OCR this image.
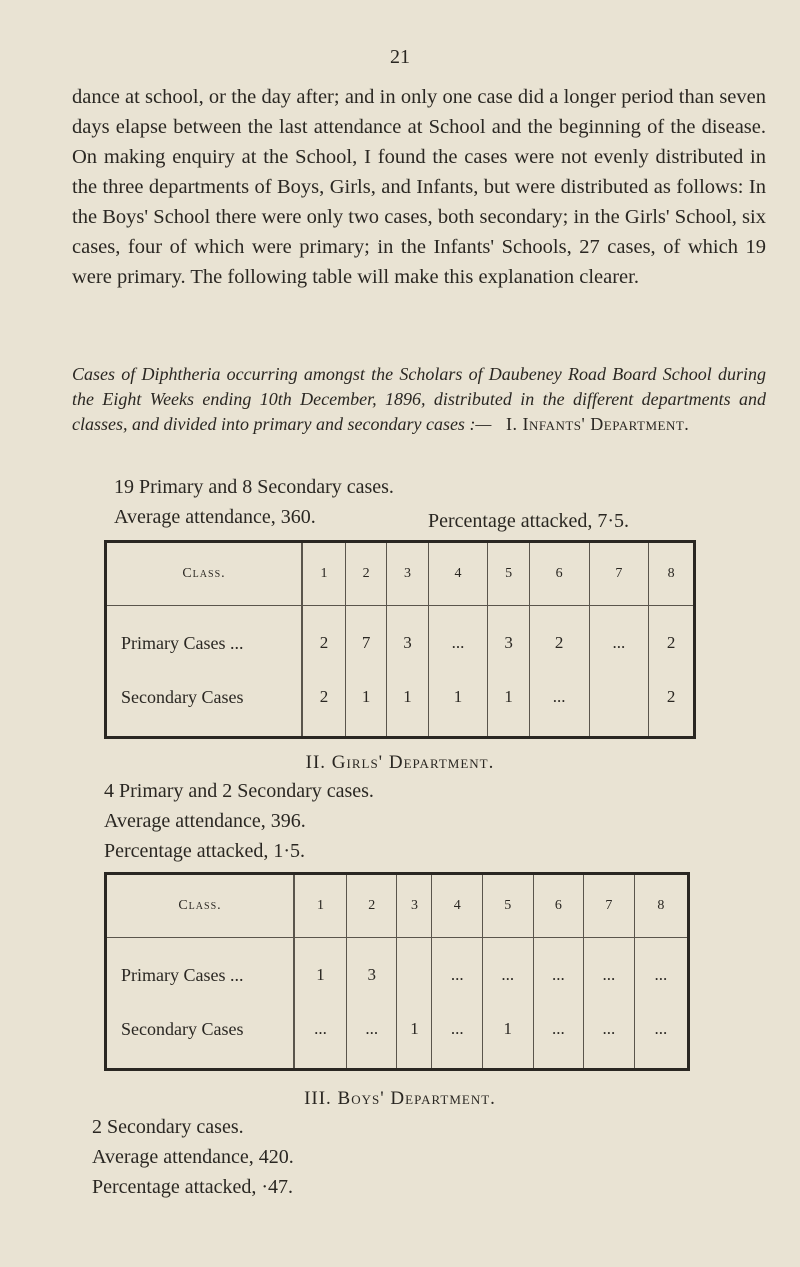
21
dance at school, or the day after; and in only one case did a longer period than seven days elapse between the last attendance at School and the beginning of the disease. On making enquiry at the School, I found the cases were not evenly distributed in the three departments of Boys, Girls, and Infants, but were distributed as follows: In the Boys' School there were only two cases, both secondary; in the Girls' School, six cases, four of which were primary; in the Infants' Schools, 27 cases, of which 19 were primary. The following table will make this explanation clearer.
Cases of Diphtheria occurring amongst the Scholars of Daubeney Road Board School during the Eight Weeks ending 10th December, 1896, distributed in the different departments and classes, and divided into primary and secondary cases :— I. Infants' Department.
19 Primary and 8 Secondary cases.
Average attendance, 360.	Percentage attacked, 7·5.
Class.	1	2	3	4	5	6	7	8
Primary Cases ...	2	7	3	...	3	2	...	2
Secondary Cases	2	1	1	1	1	...		2
II. Girls' Department.
4 Primary and 2 Secondary cases.
Average attendance, 396.
Percentage attacked, 1·5.
Class.	1	2	3	4	5	6	7	8
Primary Cases ...	1	3		...	...	...	...	...
Secondary Cases	...	...	1	...	1	...	...	...
III. Boys' Department.
2 Secondary cases.
Average attendance, 420.
Percentage attacked, ·47.
